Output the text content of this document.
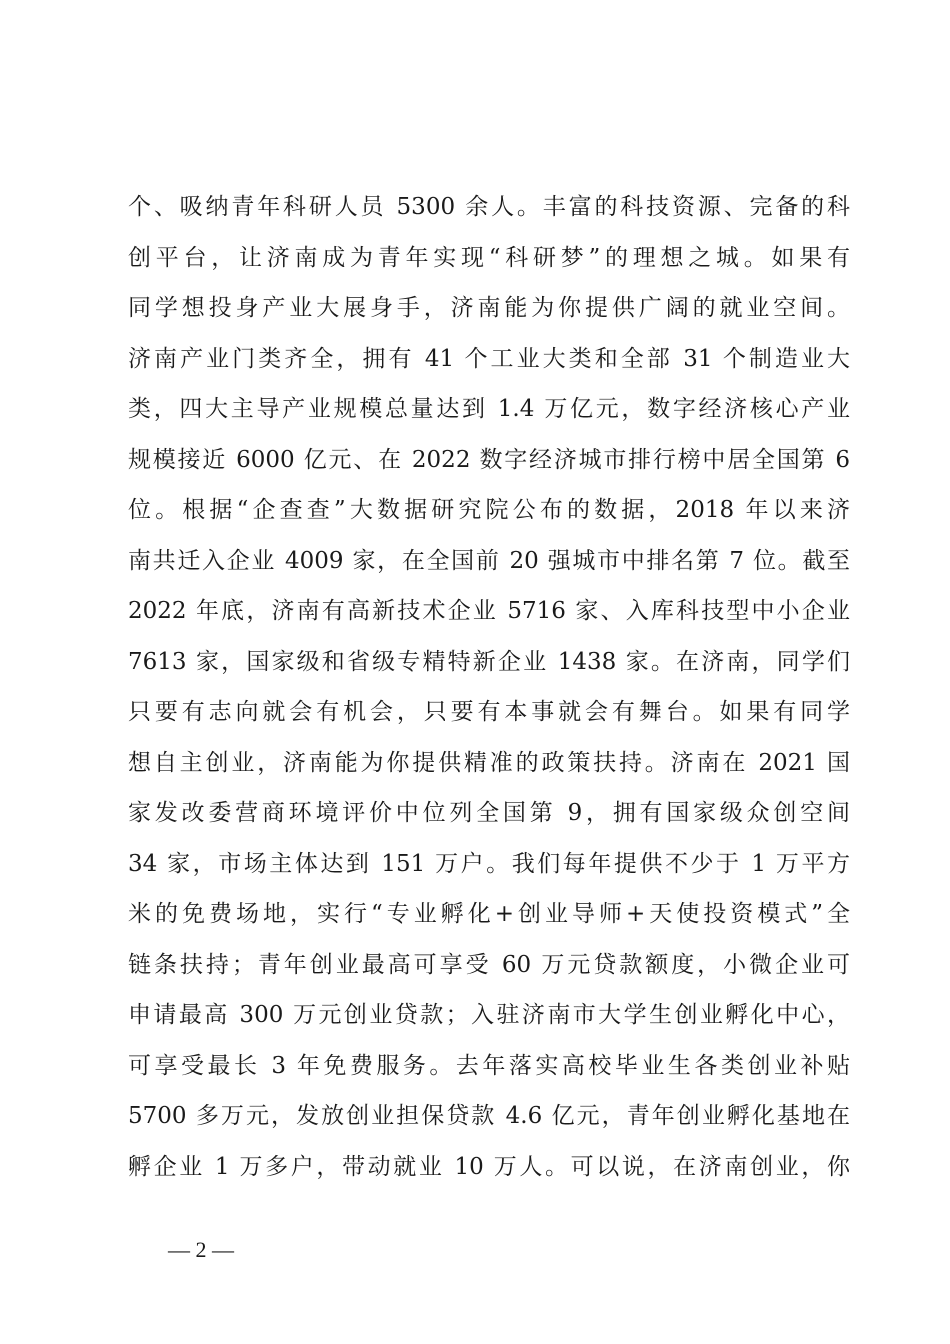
个、吸纳青年科研人员 5300 余人。丰富的科技资源、完备的科
创平台，让济南成为青年实现“科研梦”的理想之城。如果有
同学想投身产业大展身手，济南能为你提供广阔的就业空间。
济南产业门类齐全，拥有 41 个工业大类和全部 31 个制造业大
类，四大主导产业规模总量达到 1.4 万亿元，数字经济核心产业
规模接近 6000 亿元、在 2022 数字经济城市排行榜中居全国第 6
位。根据“企查查”大数据研究院公布的数据，2018 年以来济
南共迁入企业 4009 家，在全国前 20 强城市中排名第 7 位。截至
2022 年底，济南有高新技术企业 5716 家、入库科技型中小企业
7613 家，国家级和省级专精特新企业 1438 家。在济南，同学们
只要有志向就会有机会，只要有本事就会有舞台。如果有同学
想自主创业，济南能为你提供精准的政策扶持。济南在 2021 国
家发改委营商环境评价中位列全国第 9，拥有国家级众创空间
34 家，市场主体达到 151 万户。我们每年提供不少于 1 万平方
米的免费场地，实行“专业孵化+创业导师+天使投资模式”全
链条扶持；青年创业最高可享受 60 万元贷款额度，小微企业可
申请最高 300 万元创业贷款；入驻济南市大学生创业孵化中心，
可享受最长 3 年免费服务。去年落实高校毕业生各类创业补贴
5700 多万元，发放创业担保贷款 4.6 亿元，青年创业孵化基地在
孵企业 1 万多户，带动就业 10 万人。可以说，在济南创业，你
— 2 —
